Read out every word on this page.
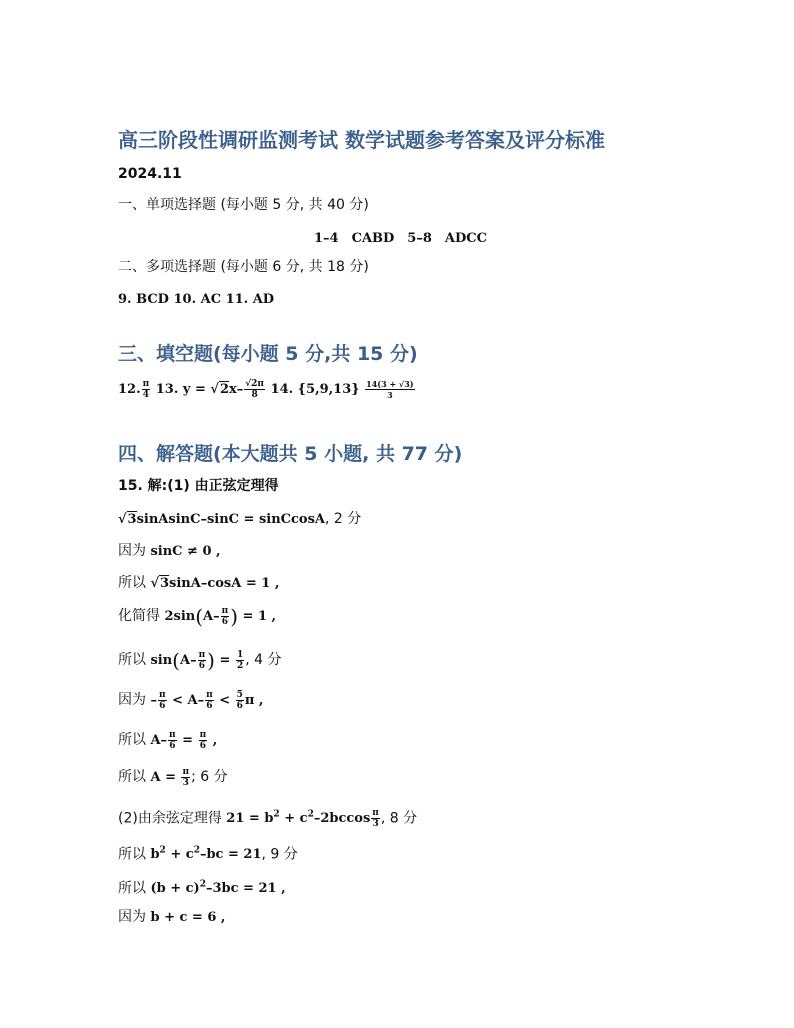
高三阶段性调研监测考试 数学试题参考答案及评分标准
2024.11
一、单项选择题 (每小题 5 分, 共 40 分)
1–4　CABD　5–8　ADCC
二、多项选择题 (每小题 6 分, 共 18 分)
9. BCD 10. AC 11. AD
三、填空题(每小题 5 分,共 15 分)
12. $\frac{\pi}{4} 13$. $y = √2x- \frac{√2\pi}{8} 14$. $\{5,9,13\} \frac{14(3 + √3)}{3}$
四、解答题(本大题共 5 小题, 共 77 分)
15. 解:(1) 由正弦定理得
√3sinAsinC–sinC = sinCcosA, 2 分
因为 sinC ≠ 0 ,
所以 √3sinA–cosA = 1 ,
化简得 $2\sin(A- \frac{\pi}{6}$ ) = 1 ,
所以 $\sin(A- \frac{\pi}{6}$ ) = $\frac{1}{2}$ , 4 分
因为 – $\frac{\pi}{6} < A- \frac{\pi}{6} < \frac{5}{6}$ π ,
所以 $A- \frac{\pi}{6} = \frac{\pi}{6}$ ,
所以 $A = \frac{\pi}{3}$ ; 6 分
(2)由余弦定理得 $21 = b^2 + c^2-2bccos \frac{\pi}{3}$ , 8 分
所以 $b^2 + c^2-bc = 21$, 9 分
所以 $(b + c)^2-3bc = 21$ ,
因为 b + c = 6 ,
